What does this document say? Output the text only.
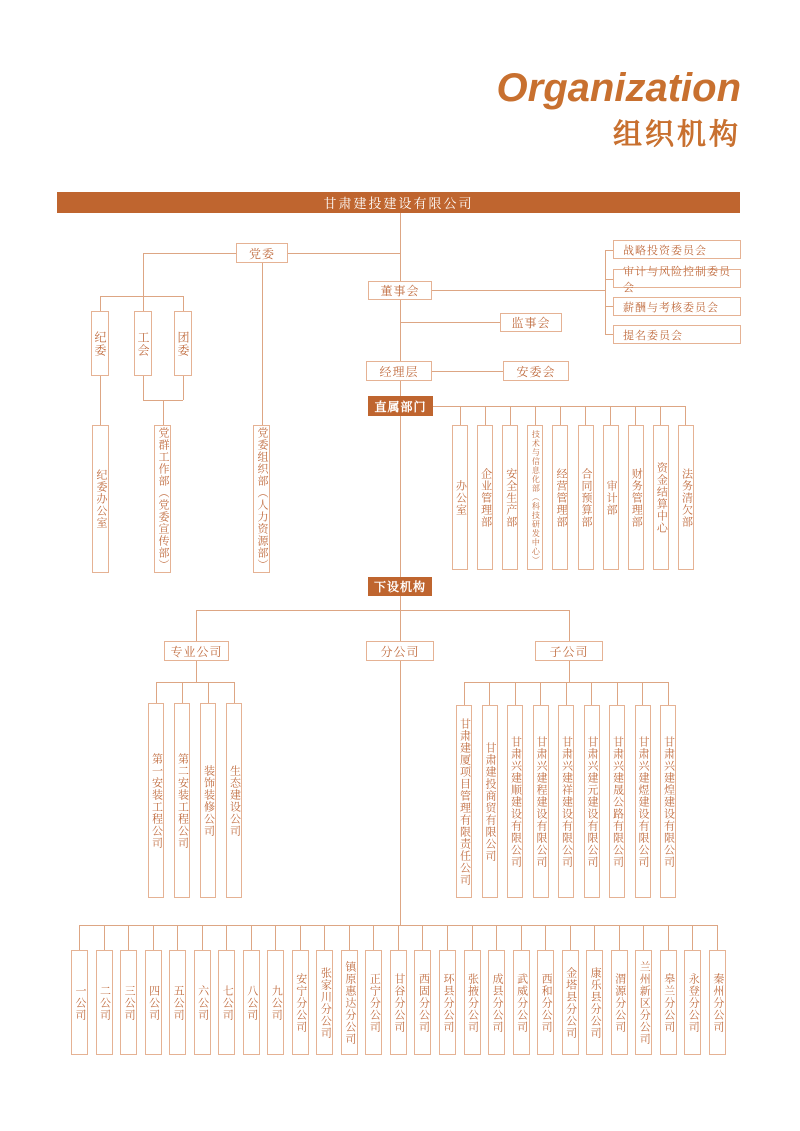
Organization
组织机构
甘肃建投建设有限公司
党委
纪委 工会 团委
纪委办公室	党群工作部（党委宣传部）	党委组织部（人力资源部）
董事会
战略投资委员会
审计与风险控制委员会
薪酬与考核委员会
提名委员会
监事会
经理层	安委会
直属部门
办公室 企业管理部 安全生产部 技术与信息化部（科技研发中心） 经营管理部 合同预算部 审计部 财务管理部 资金结算中心 法务清欠部
下设机构
专业公司	分公司	子公司
第一安装工程公司 第二安装工程公司 装饰装修公司 生态建设公司	甘肃建厦项目管理有限责任公司 甘肃建投商贸有限公司 甘肃兴建顺建设有限公司 甘肃兴建程建设有限公司 甘肃兴建祥建设有限公司 甘肃兴建元建设有限公司 甘肃兴建晟公路有限公司 甘肃兴建煜建设有限公司 甘肃兴建煌建设有限公司
一公司 二公司 三公司 四公司 五公司 六公司 七公司 八公司 九公司 安宁分公司 张家川分公司 镇原惠达分公司 正宁分公司 甘谷分公司 西固分公司 环县分公司 张掖分公司 成县分公司 武威分公司 西和分公司 金塔县分公司 康乐县分公司 渭源分公司 兰州新区分公司 皋兰分公司 永登分公司 秦州分公司
